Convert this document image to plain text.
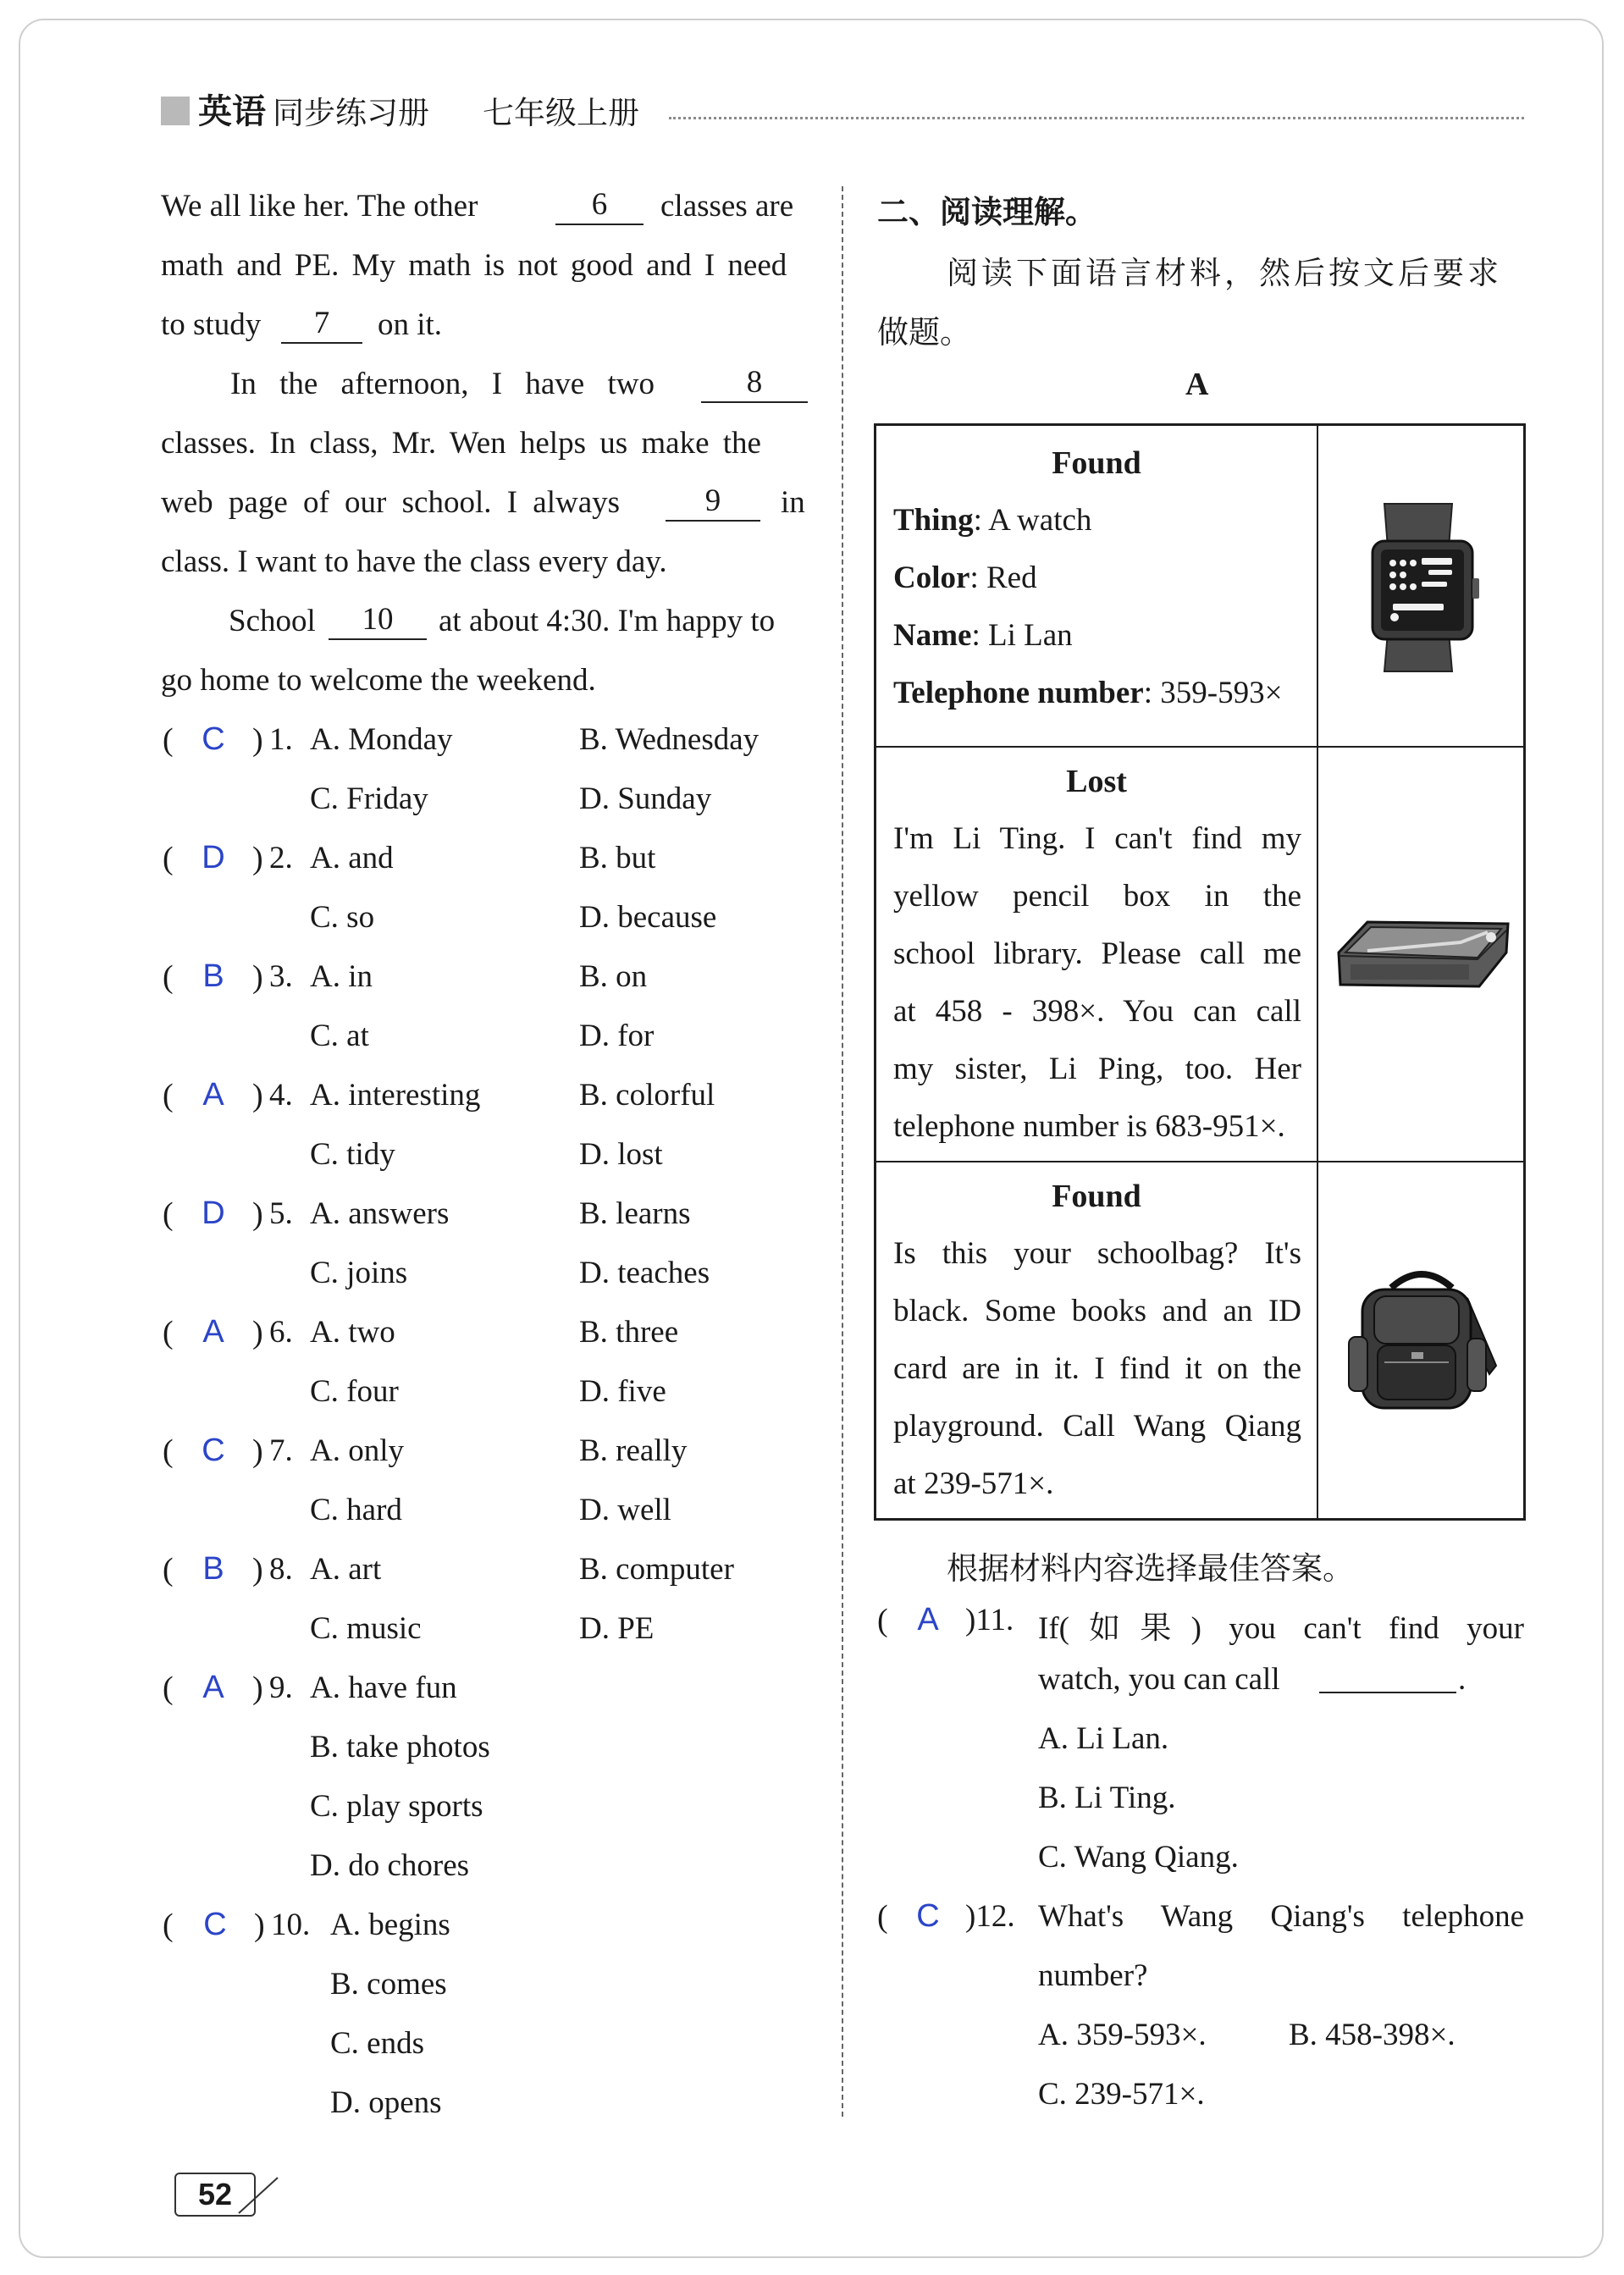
英语 同步练习册 七年级上册
We all like her. The other	6	classes are
math and PE. My math is not good and I need
to study	7	on it.
In the afternoon, I have two	8
classes. In class, Mr. Wen helps us make the
web page of our school. I always	9	in
class. I want to have the class every day.
School	10	at about 4:30. I'm happy to
go home to welcome the weekend.
( C ) 1. A. Monday	B. Wednesday
C. Friday	D. Sunday
( D ) 2. A. and	B. but
C. so	D. because
( B ) 3. A. in	B. on
C. at	D. for
( A ) 4. A. interesting	B. colorful
C. tidy	D. lost
( D ) 5. A. answers	B. learns
C. joins	D. teaches
( A ) 6. A. two	B. three
C. four	D. five
( C ) 7. A. only	B. really
C. hard	D. well
( B ) 8. A. art	B. computer
C. music	D. PE
( A ) 9. A. have fun
B. take photos
C. play sports
D. do chores
( C ) 10. A. begins
B. comes
C. ends
D. opens
二、阅读理解。
阅读下面语言材料，然后按文后要求
做题。
A
Found
Thing: A watch
Color: Red
Name: Li Lan
Telephone number: 359-593×
Lost
I'm Li Ting. I can't find my
yellow pencil box in the
school library. Please call me
at 458 - 398×. You can call
my sister, Li Ping, too. Her
telephone number is 683-951×.
Found
Is this your schoolbag? It's
black. Some books and an ID
card are in it. I find it on the
playground. Call Wang Qiang
at 239-571×.
根据材料内容选择最佳答案。
( A )11. If(如果) you can't find your
watch, you can call	.
A. Li Lan.
B. Li Ting.
C. Wang Qiang.
( C )12. What's Wang Qiang's telephone
number?
A. 359-593×.	B. 458-398×.
C. 239-571×.
52
